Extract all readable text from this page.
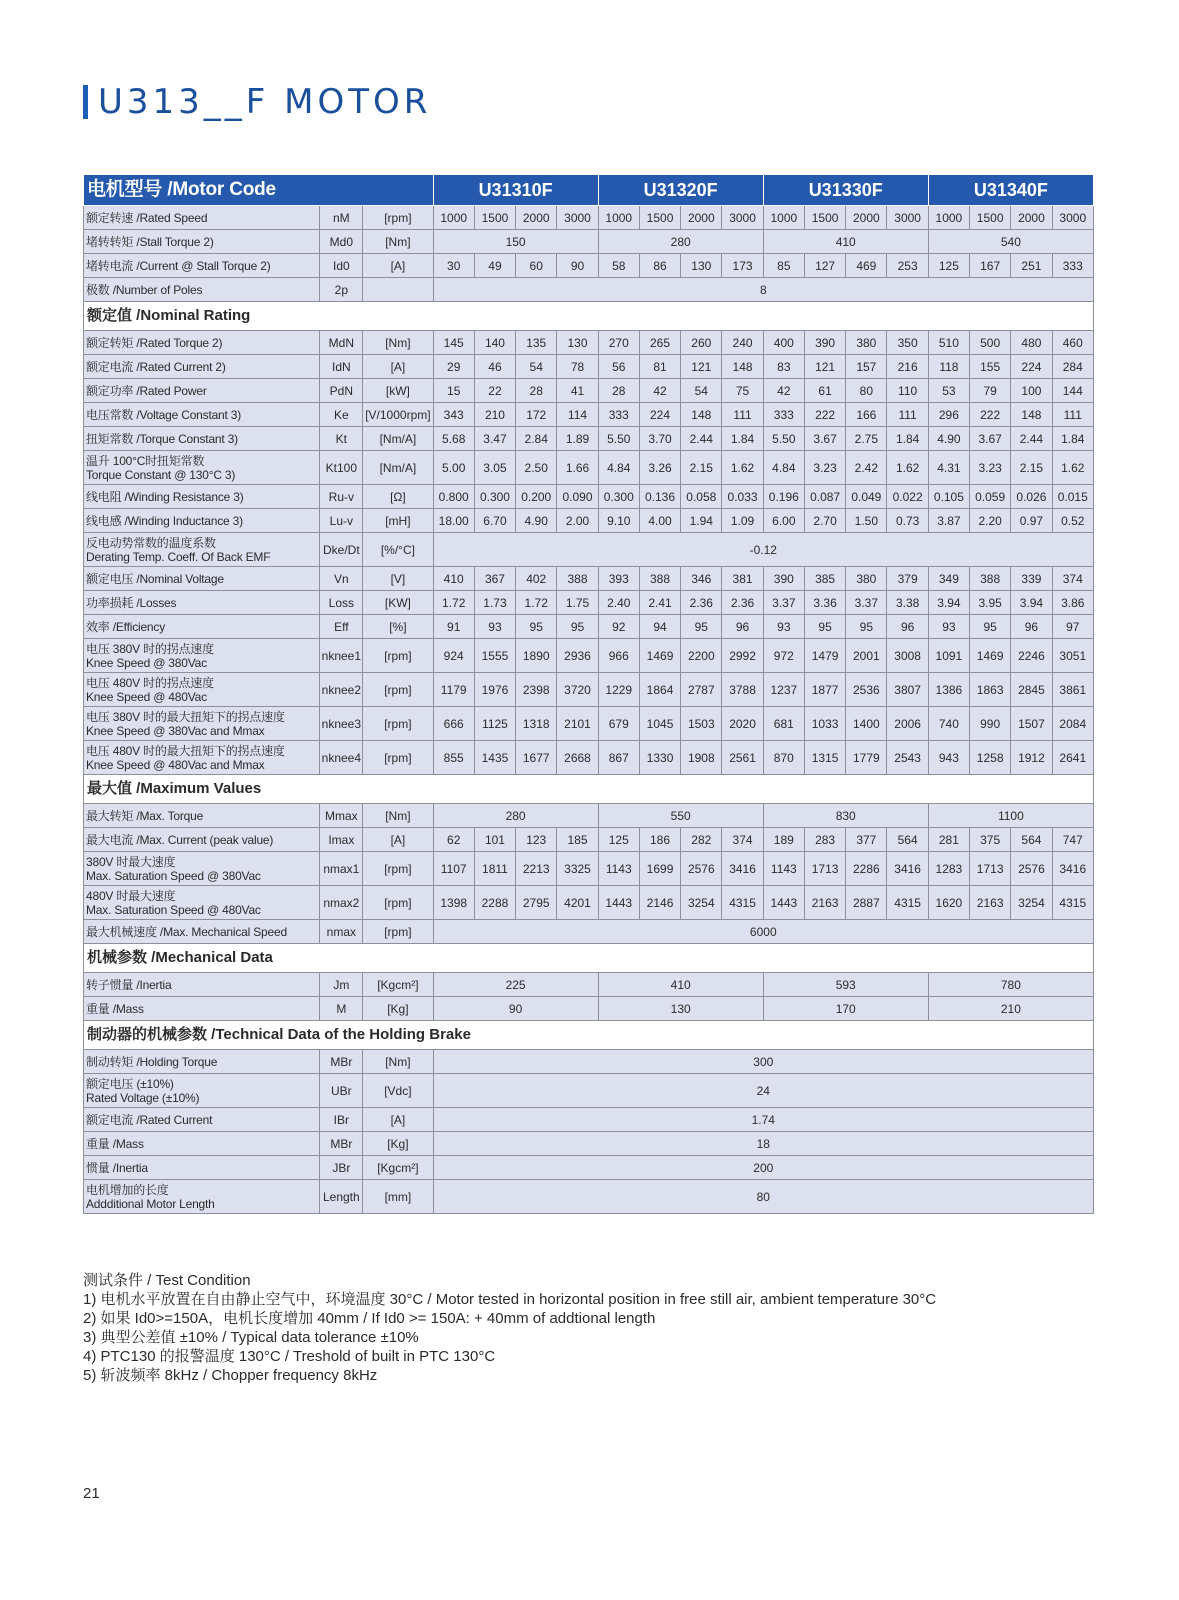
U313__F MOTOR
电机型号 /Motor Code			U31310F				U31320F				U31330F				U31340F			

额定转速 /Rated Speed	nM	[rpm]	1000	1500	2000	3000	1000	1500	2000	3000	1000	1500	2000	3000	1000	1500	2000	3000

堵转转矩 /Stall Torque 2)	Md0	[Nm]	150				280				410				540			

堵转电流 /Current @ Stall Torque 2)	Id0	[A]	30	49	60	90	58	86	130	173	85	127	469	253	125	167	251	333

极数 /Number of Poles	2p		8															
额定值 /Nominal Rating																		

额定转矩 /Rated Torque 2)	MdN	[Nm]	145	140	135	130	270	265	260	240	400	390	380	350	510	500	480	460

额定电流 /Rated Current 2)	IdN	[A]	29	46	54	78	56	81	121	148	83	121	157	216	118	155	224	284

额定功率 /Rated Power	PdN	[kW]	15	22	28	41	28	42	54	75	42	61	80	110	53	79	100	144

电压常数 /Voltage Constant 3)	Ke	[V/1000rpm]	343	210	172	114	333	224	148	111	333	222	166	111	296	222	148	111

扭矩常数 /Torque Constant 3)	Kt	[Nm/A]	5.68	3.47	2.84	1.89	5.50	3.70	2.44	1.84	5.50	3.67	2.75	1.84	4.90	3.67	2.44	1.84

温升 100°C时扭矩常数
Torque Constant @ 130°C 3)	Kt100	[Nm/A]	5.00	3.05	2.50	1.66	4.84	3.26	2.15	1.62	4.84	3.23	2.42	1.62	4.31	3.23	2.15	1.62

线电阻 /Winding Resistance 3)	Ru-v	[Ω]	0.800	0.300	0.200	0.090	0.300	0.136	0.058	0.033	0.196	0.087	0.049	0.022	0.105	0.059	0.026	0.015

线电感 /Winding Inductance 3)	Lu-v	[mH]	18.00	6.70	4.90	2.00	9.10	4.00	1.94	1.09	6.00	2.70	1.50	0.73	3.87	2.20	0.97	0.52

反电动势常数的温度系数
Derating Temp. Coeff. Of Back EMF	Dke/Dt	[%/°C]	-0.12															

额定电压 /Nominal Voltage	Vn	[V]	410	367	402	388	393	388	346	381	390	385	380	379	349	388	339	374

功率损耗 /Losses	Loss	[KW]	1.72	1.73	1.72	1.75	2.40	2.41	2.36	2.36	3.37	3.36	3.37	3.38	3.94	3.95	3.94	3.86

效率 /Efficiency	Eff	[%]	91	93	95	95	92	94	95	96	93	95	95	96	93	95	96	97

电压 380V 时的拐点速度
Knee Speed @ 380Vac	nknee1	[rpm]	924	1555	1890	2936	966	1469	2200	2992	972	1479	2001	3008	1091	1469	2246	3051

电压 480V 时的拐点速度
Knee Speed @ 480Vac	nknee2	[rpm]	1179	1976	2398	3720	1229	1864	2787	3788	1237	1877	2536	3807	1386	1863	2845	3861

电压 380V 时的最大扭矩下的拐点速度
Knee Speed @ 380Vac and Mmax	nknee3	[rpm]	666	1125	1318	2101	679	1045	1503	2020	681	1033	1400	2006	740	990	1507	2084

电压 480V 时的最大扭矩下的拐点速度
Knee Speed @ 480Vac and Mmax	nknee4	[rpm]	855	1435	1677	2668	867	1330	1908	2561	870	1315	1779	2543	943	1258	1912	2641
最大值 /Maximum Values																		

最大转矩 /Max. Torque	Mmax	[Nm]	280				550				830				1100			

最大电流 /Max. Current (peak value)	Imax	[A]	62	101	123	185	125	186	282	374	189	283	377	564	281	375	564	747

380V 时最大速度
Max. Saturation Speed @ 380Vac	nmax1	[rpm]	1107	1811	2213	3325	1143	1699	2576	3416	1143	1713	2286	3416	1283	1713	2576	3416

480V 时最大速度
Max. Saturation Speed @ 480Vac	nmax2	[rpm]	1398	2288	2795	4201	1443	2146	3254	4315	1443	2163	2887	4315	1620	2163	3254	4315

最大机械速度 /Max. Mechanical Speed	nmax	[rpm]	6000															
机械参数 /Mechanical Data																		

转子惯量 /Inertia	Jm	[Kgcm²]	225				410				593				780			

重量 /Mass	M	[Kg]	90				130				170				210			
制动器的机械参数 /Technical Data of the Holding Brake																		

制动转矩 /Holding Torque	MBr	[Nm]	300															

额定电压 (±10%)
Rated Voltage (±10%)	UBr	[Vdc]	24															

额定电流 /Rated Current	IBr	[A]	1.74															

重量 /Mass	MBr	[Kg]	18															

惯量 /Inertia	JBr	[Kgcm²]	200															

电机增加的长度
Addditional Motor Length	Length	[mm]	80															
测试条件 / Test Condition
1) 电机水平放置在自由静止空气中，环境温度 30°C / Motor tested in horizontal position in free still air, ambient temperature 30°C
2) 如果 Id0>=150A，电机长度增加 40mm / If Id0 >= 150A: + 40mm of addtional length
3) 典型公差值 ±10% / Typical data tolerance ±10%
4) PTC130 的报警温度 130°C / Treshold of built in PTC 130°C
5) 斩波频率 8kHz / Chopper frequency 8kHz
21
